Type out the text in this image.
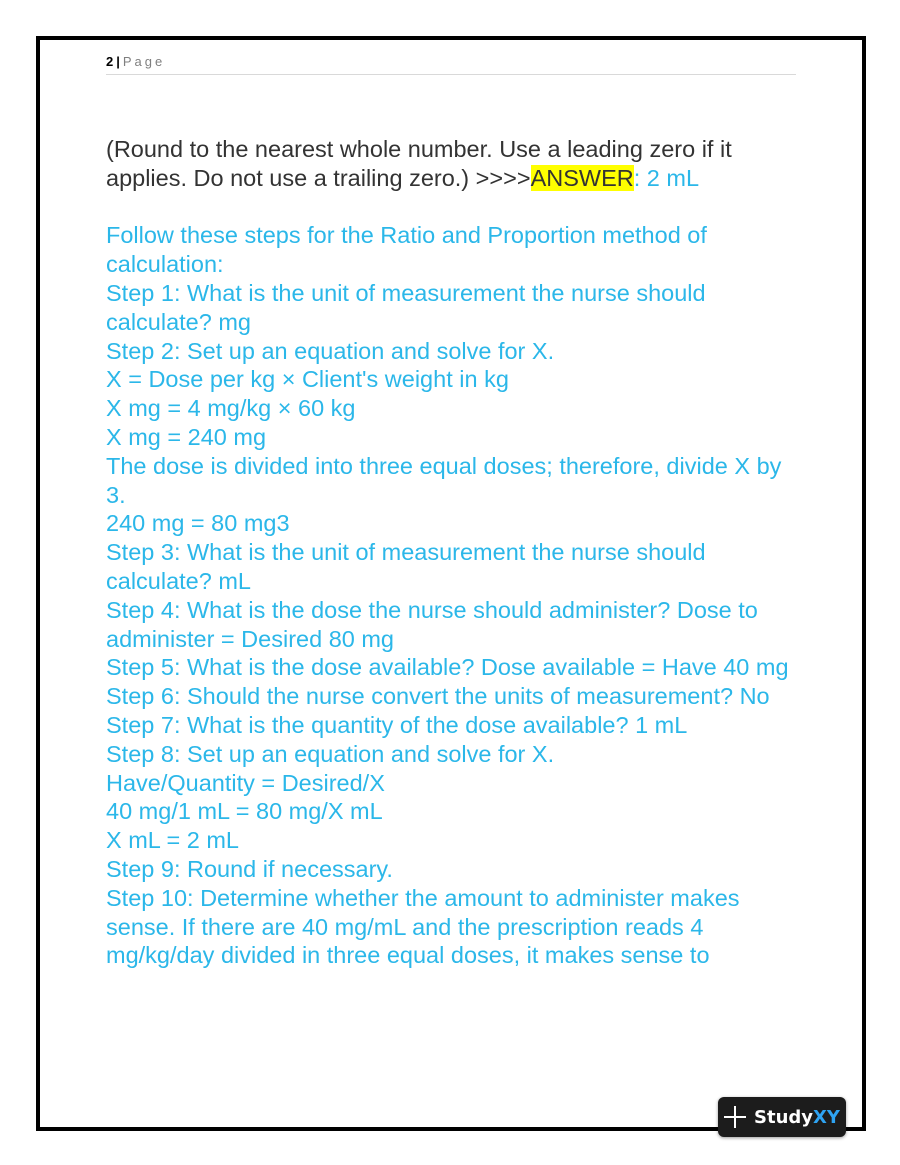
2 | Page

(Round to the nearest whole number. Use a leading zero if it applies. Do not use a trailing zero.) >>>>ANSWER: 2 mL

Follow these steps for the Ratio and Proportion method of calculation:

Step 1: What is the unit of measurement the nurse should calculate? mg

Step 2: Set up an equation and solve for X.

X = Dose per kg × Client's weight in kg

X mg = 4 mg/kg × 60 kg

X mg = 240 mg

The dose is divided into three equal doses; therefore, divide X by 3.

240 mg = 80 mg3

Step 3: What is the unit of measurement the nurse should calculate? mL

Step 4: What is the dose the nurse should administer? Dose to administer = Desired 80 mg

Step 5: What is the dose available? Dose available = Have 40 mg

Step 6: Should the nurse convert the units of measurement? No

Step 7: What is the quantity of the dose available? 1 mL

Step 8: Set up an equation and solve for X.

Have/Quantity = Desired/X

40 mg/1 mL = 80 mg/X mL

X mL = 2 mL

Step 9: Round if necessary.

Step 10: Determine whether the amount to administer makes sense. If there are 40 mg/mL and the prescription reads 4 mg/kg/day divided in three equal doses, it makes sense to

StudyXY
